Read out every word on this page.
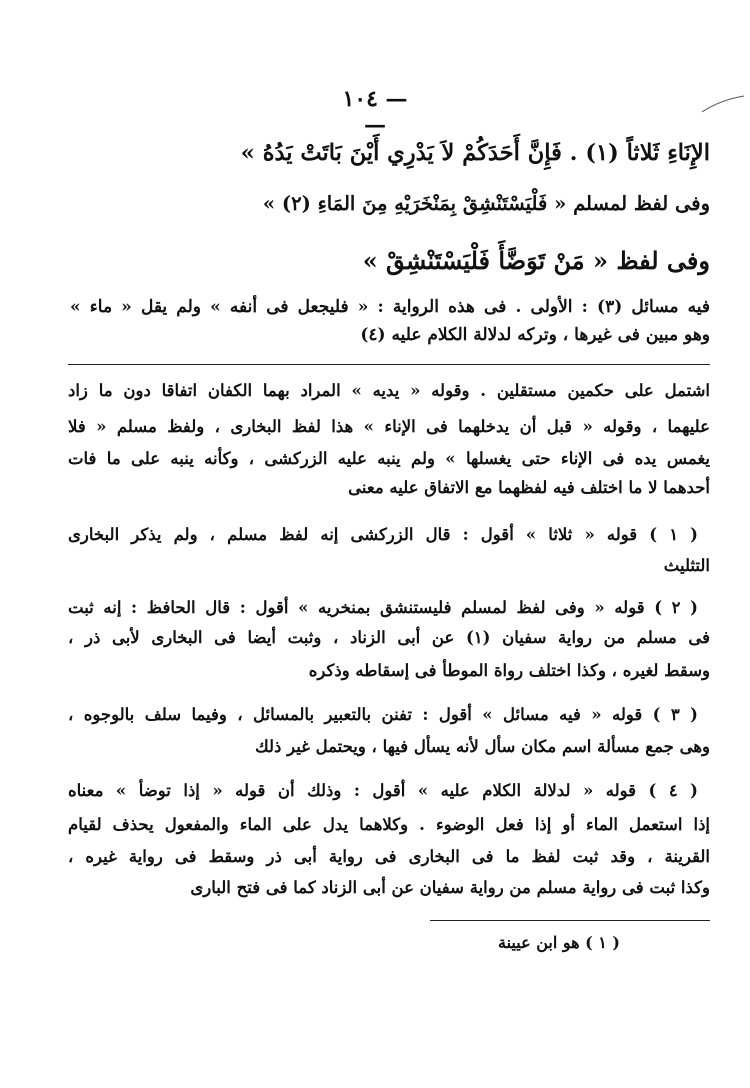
— ١٠٤ —
الإِنَاءِ ثَلاثاً (١) . فَإِنَّ أَحَدَكُمْ لاَ يَدْرِي أَيْنَ بَاتَتْ يَدُهُ »
وفى لفظ لمسلم « فَلْيَسْتَنْشِقْ بِمَنْخَرَيْهِ مِنَ المَاءِ (٢) »
وفى لفظ « مَنْ تَوَضَّأَ فَلْيَسْتَنْشِقْ »
فيه مسائل (٣) : الأولى . فى هذه الرواية : « فليجعل فى أنفه » ولم يقل « ماء »
وهو مبين فى غيرها ، وتركه لدلالة الكلام عليه (٤)
اشتمل على حكمين مستقلين . وقوله « يديه » المراد بهما الكفان اتفاقا دون ما زاد
عليهما ، وقوله « قبل أن يدخلهما فى الإناء » هذا لفظ البخارى ، ولفظ مسلم « فلا
يغمس يده فى الإناء حتى يغسلها » ولم ينبه عليه الزركشى ، وكأنه ينبه على ما فات
أحدهما لا ما اختلف فيه لفظهما مع الاتفاق عليه معنى
( ١ ) قوله « ثلاثا » أقول : قال الزركشى إنه لفظ مسلم ، ولم يذكر البخارى
التثليث
( ٢ ) قوله « وفى لفظ لمسلم فليستنشق بمنخريه » أقول : قال الحافظ : إنه ثبت
فى مسلم من رواية سفيان (١) عن أبى الزناد ، وثبت أيضا فى البخارى لأبى ذر ،
وسقط لغيره ، وكذا اختلف رواة الموطأ فى إسقاطه وذكره
( ٣ ) قوله « فيه مسائل » أقول : تفنن بالتعبير بالمسائل ، وفيما سلف بالوجوه ،
وهى جمع مسألة اسم مكان سأل لأنه يسأل فيها ، ويحتمل غير ذلك
( ٤ ) قوله « لدلالة الكلام عليه » أقول : وذلك أن قوله « إذا توضأ » معناه
إذا استعمل الماء أو إذا فعل الوضوء . وكلاهما يدل على الماء والمفعول يحذف لقيام
القرينة ، وقد ثبت لفظ ما فى البخارى فى رواية أبى ذر وسقط فى رواية غيره ،
وكذا ثبت فى رواية مسلم من رواية سفيان عن أبى الزناد كما فى فتح البارى
( ١ ) هو ابن عيينة
